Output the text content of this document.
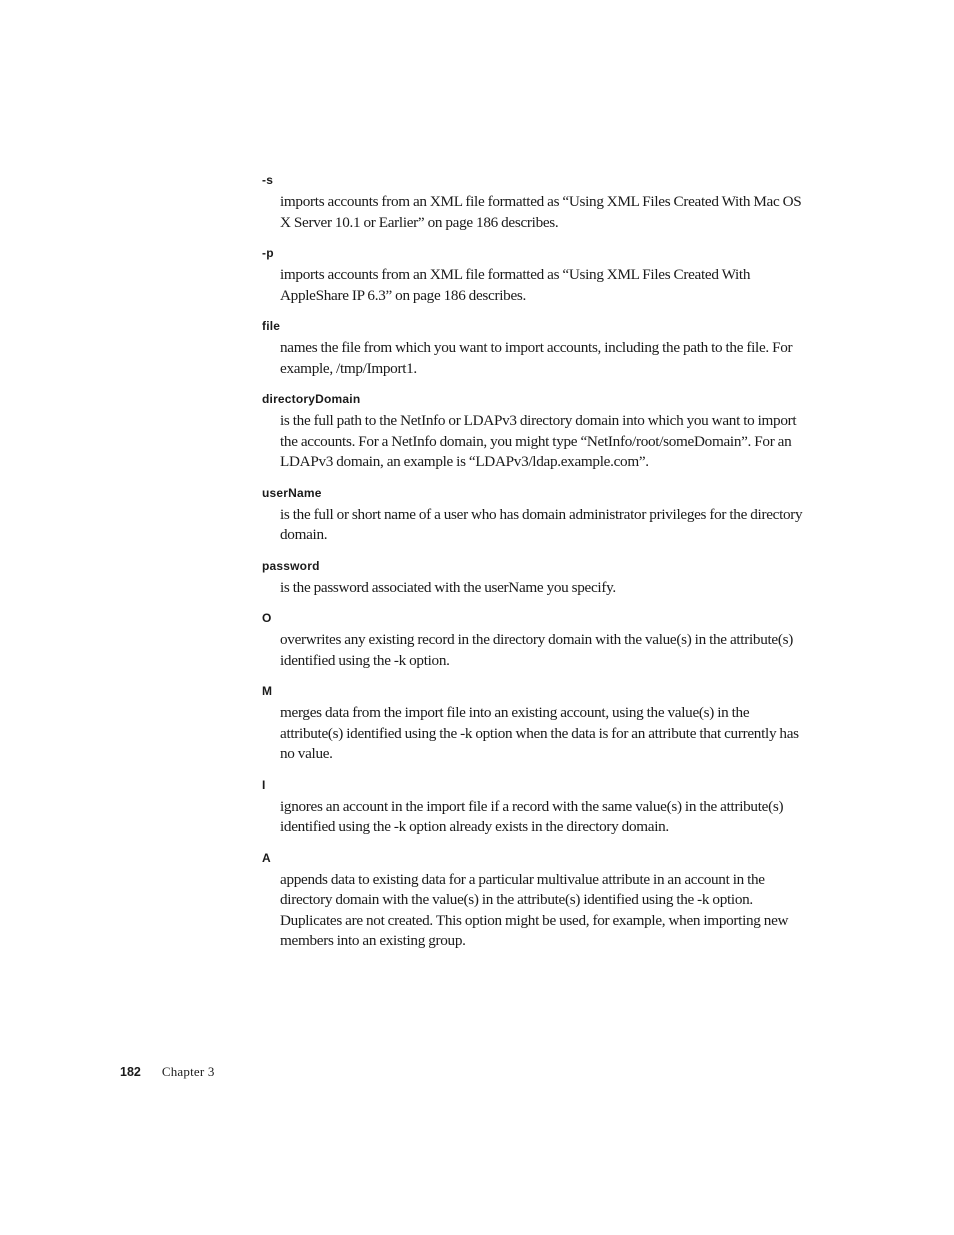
-s
imports accounts from an XML file formatted as “Using XML Files Created With Mac OS X Server 10.1 or Earlier” on page 186 describes.
-p
imports accounts from an XML file formatted as “Using XML Files Created With AppleShare IP 6.3” on page 186 describes.
file
names the file from which you want to import accounts, including the path to the file. For example, /tmp/Import1.
directoryDomain
is the full path to the NetInfo or LDAPv3 directory domain into which you want to import the accounts. For a NetInfo domain, you might type “NetInfo/root/someDomain”. For an LDAPv3 domain, an example is “LDAPv3/ldap.example.com”.
userName
is the full or short name of a user who has domain administrator privileges for the directory domain.
password
is the password associated with the userName you specify.
O
overwrites any existing record in the directory domain with the value(s) in the attribute(s) identified using the -k option.
M
merges data from the import file into an existing account, using the value(s) in the attribute(s) identified using the -k option when the data is for an attribute that currently has no value.
I
ignores an account in the import file if a record with the same value(s) in the attribute(s) identified using the -k option already exists in the directory domain.
A
appends data to existing data for a particular multivalue attribute in an account in the directory domain with the value(s) in the attribute(s) identified using the -k option. Duplicates are not created. This option might be used, for example, when importing new members into an existing group.
182 Chapter 3
